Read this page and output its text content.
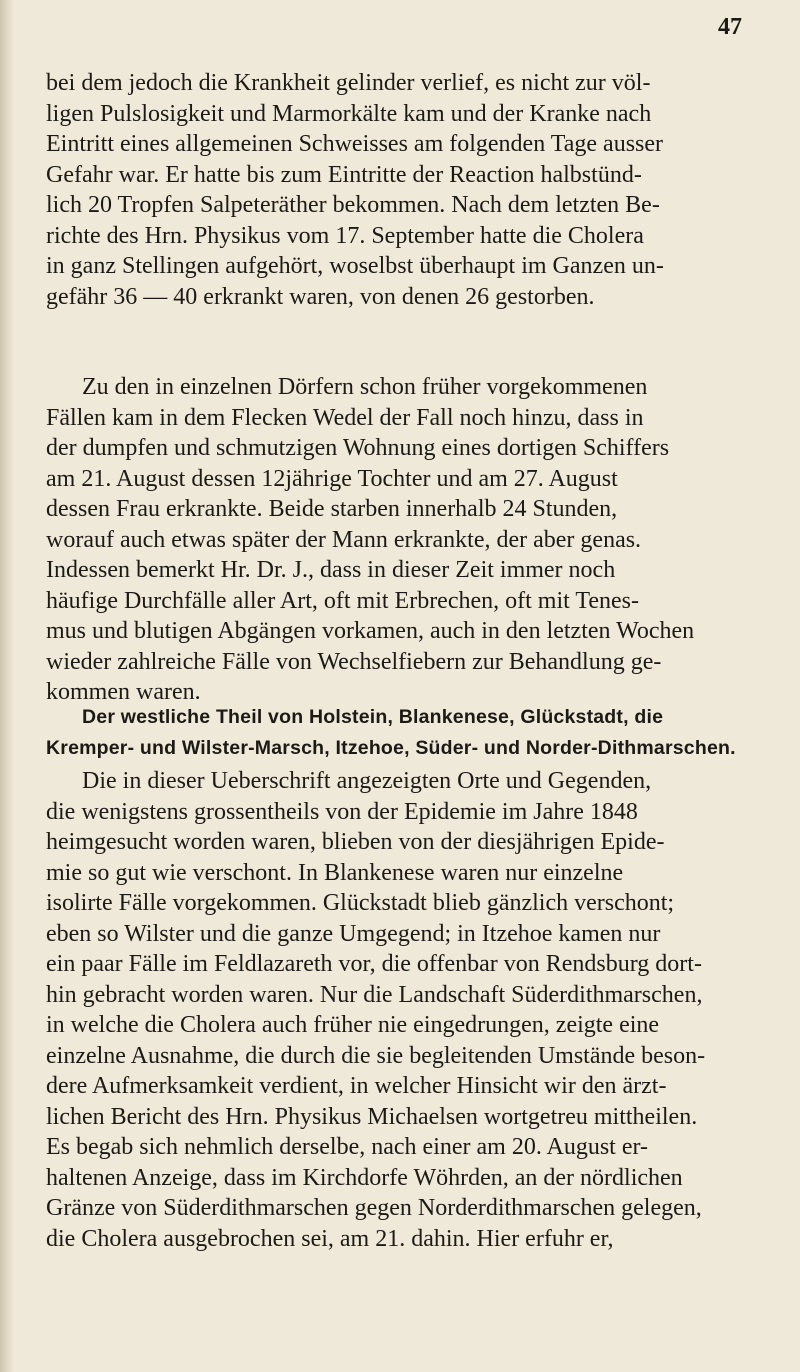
47
bei dem jedoch die Krankheit gelinder verlief, es nicht zur völ-
ligen Pulslosigkeit und Marmorkälte kam und der Kranke nach
Eintritt eines allgemeinen Schweisses am folgenden Tage ausser
Gefahr war. Er hatte bis zum Eintritte der Reaction halbstünd-
lich 20 Tropfen Salpeteräther bekommen. Nach dem letzten Be-
richte des Hrn. Physikus vom 17. September hatte die Cholera
in ganz Stellingen aufgehört, woselbst überhaupt im Ganzen un-
gefähr 36 — 40 erkrankt waren, von denen 26 gestorben.
Zu den in einzelnen Dörfern schon früher vorgekommenen
Fällen kam in dem Flecken Wedel der Fall noch hinzu, dass in
der dumpfen und schmutzigen Wohnung eines dortigen Schiffers
am 21. August dessen 12jährige Tochter und am 27. August
dessen Frau erkrankte. Beide starben innerhalb 24 Stunden,
worauf auch etwas später der Mann erkrankte, der aber genas.
Indessen bemerkt Hr. Dr. J., dass in dieser Zeit immer noch
häufige Durchfälle aller Art, oft mit Erbrechen, oft mit Tenes-
mus und blutigen Abgängen vorkamen, auch in den letzten Wochen
wieder zahlreiche Fälle von Wechselfiebern zur Behandlung ge-
kommen waren.
Der westliche Theil von Holstein, Blankenese, Glückstadt, die
Kremper- und Wilster-Marsch, Itzehoe, Süder- und Norder-Dithmarschen.
Die in dieser Ueberschrift angezeigten Orte und Gegenden,
die wenigstens grossentheils von der Epidemie im Jahre 1848
heimgesucht worden waren, blieben von der diesjährigen Epide-
mie so gut wie verschont. In Blankenese waren nur einzelne
isolirte Fälle vorgekommen. Glückstadt blieb gänzlich verschont;
eben so Wilster und die ganze Umgegend; in Itzehoe kamen nur
ein paar Fälle im Feldlazareth vor, die offenbar von Rendsburg dort-
hin gebracht worden waren. Nur die Landschaft Süderdithmarschen,
in welche die Cholera auch früher nie eingedrungen, zeigte eine
einzelne Ausnahme, die durch die sie begleitenden Umstände beson-
dere Aufmerksamkeit verdient, in welcher Hinsicht wir den ärzt-
lichen Bericht des Hrn. Physikus Michaelsen wortgetreu mittheilen.
Es begab sich nehmlich derselbe, nach einer am 20. August er-
haltenen Anzeige, dass im Kirchdorfe Wöhrden, an der nördlichen
Gränze von Süderdithmarschen gegen Norderdithmarschen gelegen,
die Cholera ausgebrochen sei, am 21. dahin. Hier erfuhr er,
